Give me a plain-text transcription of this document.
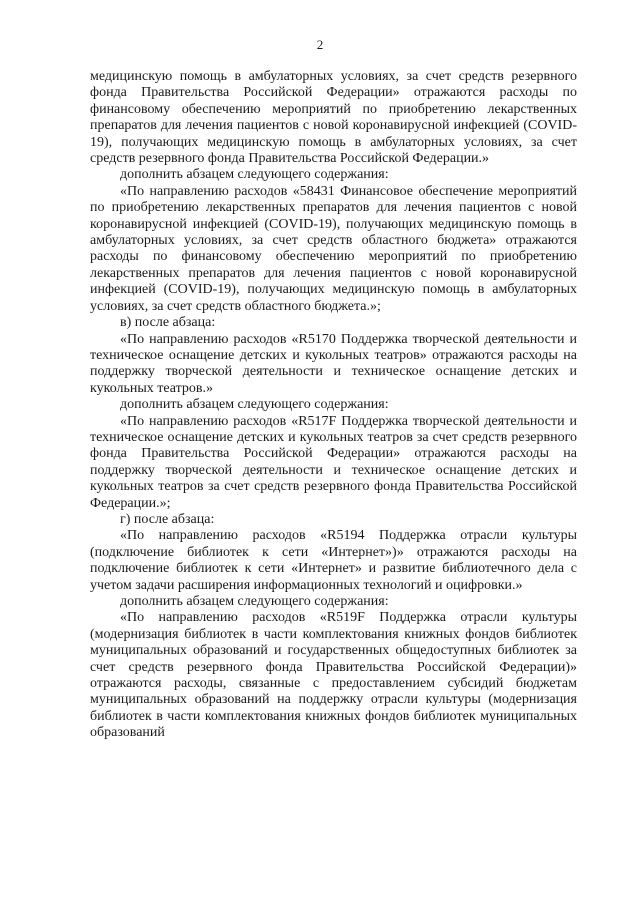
2

медицинскую помощь в амбулаторных условиях, за счет средств резервного фонда Правительства Российской Федерации» отражаются расходы по финансовому обеспечению мероприятий по приобретению лекарственных препаратов для лечения пациентов с новой коронавирусной инфекцией (COVID-19), получающих медицинскую помощь в амбулаторных условиях, за счет средств резервного фонда Правительства Российской Федерации.»

дополнить абзацем следующего содержания:

«По направлению расходов «58431 Финансовое обеспечение мероприятий по приобретению лекарственных препаратов для лечения пациентов с новой коронавирусной инфекцией (COVID-19), получающих медицинскую помощь в амбулаторных условиях, за счет средств областного бюджета» отражаются расходы по финансовому обеспечению мероприятий по приобретению лекарственных препаратов для лечения пациентов с новой коронавирусной инфекцией (COVID-19), получающих медицинскую помощь в амбулаторных условиях, за счет средств областного бюджета.»;

в) после абзаца:

«По направлению расходов «R5170 Поддержка творческой деятельности и техническое оснащение детских и кукольных театров» отражаются расходы на поддержку творческой деятельности и техническое оснащение детских и кукольных театров.»

дополнить абзацем следующего содержания:

«По направлению расходов «R517F Поддержка творческой деятельности и техническое оснащение детских и кукольных театров за счет средств резервного фонда Правительства Российской Федерации» отражаются расходы на поддержку творческой деятельности и техническое оснащение детских и кукольных театров за счет средств резервного фонда Правительства Российской Федерации.»;

г) после абзаца:

«По направлению расходов «R5194 Поддержка отрасли культуры (подключение библиотек к сети «Интернет»)» отражаются расходы на подключение библиотек к сети «Интернет» и развитие библиотечного дела с учетом задачи расширения информационных технологий и оцифровки.»

дополнить абзацем следующего содержания:

«По направлению расходов «R519F Поддержка отрасли культуры (модернизация библиотек в части комплектования книжных фондов библиотек муниципальных образований и государственных общедоступных библиотек за счет средств резервного фонда Правительства Российской Федерации)» отражаются расходы, связанные с предоставлением субсидий бюджетам муниципальных образований на поддержку отрасли культуры (модернизация библиотек в части комплектования книжных фондов библиотек муниципальных образований
